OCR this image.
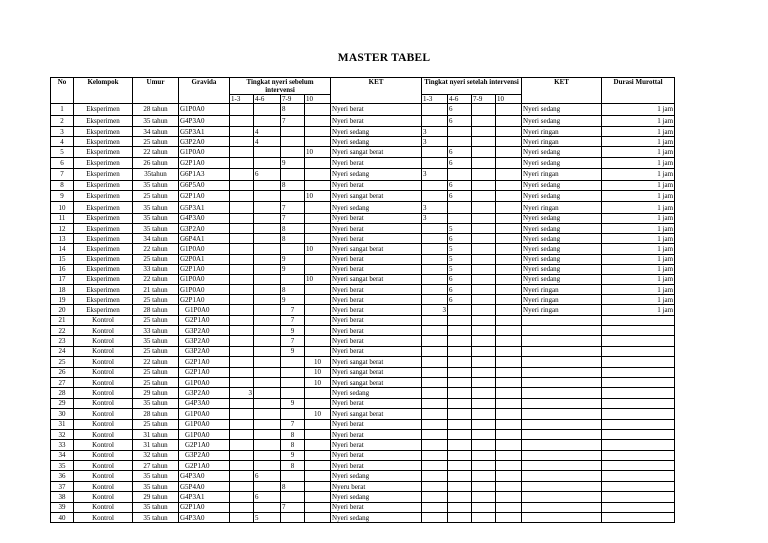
MASTER TABEL
No	Kelompok	Umur	Gravida	Tingkat nyeri sebelum intervensi				KET	Tingkat nyeri setelah intervensi				KET	Durasi Murottal
				1-3	4-6	7-9	10		1-3	4-6	7-9	10		
1	Eksperimen	28 tahun	G1P0A0			8		Nyeri berat		6			Nyeri sedang	1 jam
2	Eksperimen	35 tahun	G4P3A0			7		Nyeri berat		6			Nyeri sedang	1 jam
3	Eksperimen	34 tahun	G5P3A1		4			Nyeri sedang	3				Nyeri ringan	1 jam
4	Eksperimen	25 tahun	G3P2A0		4			Nyeri sedang	3				Nyeri ringan	1 jam
5	Eksperimen	22 tahun	G1P0A0				10	Nyeri sangat berat		6			Nyeri sedang	1 jam
6	Eksperimen	26 tahun	G2P1A0			9		Nyeri berat		6			Nyeri sedang	1 jam
7	Eksperimen	35tahun	G6P1A3		6			Nyeri sedang	3				Nyeri ringan	1 jam
8	Eksperimen	35 tahun	G6P5A0			8		Nyeri berat		6			Nyeri sedang	1 jam
9	Eksperimen	25 tahun	G2P1A0				10	Nyeri sangat berat		6			Nyeri sedang	1 jam
10	Eksperimen	35 tahun	G5P3A1			7		Nyeri sedang	3				Nyeri ringan	1 jam
11	Eksperimen	35 tahun	G4P3A0			7		Nyeri berat	3				Nyeri sedang	1 jam
12	Eksperimen	35 tahun	G3P2A0			8		Nyeri berat		5			Nyeri sedang	1 jam
13	Eksperimen	34 tahun	G6P4A1			8		Nyeri berat		6			Nyeri sedang	1 jam
14	Eksperimen	22 tahun	G1P0A0				10	Nyeri sangat berat		5			Nyeri sedang	1 jam
15	Eksperimen	25 tahun	G2P0A1			9		Nyeri berat		5			Nyeri sedang	1 jam
16	Eksperimen	33 tahun	G2P1A0			9		Nyeri berat		5			Nyeri sedang	1 jam
17	Eksperimen	22 tahun	G1P0A0				10	Nyeri sangat berat		6			Nyeri sedang	1 jam
18	Eksperimen	21 tahun	G1P0A0			8		Nyeri berat		6			Nyeri ringan	1 jam
19	Eksperimen	25 tahun	G2P1A0			9		Nyeri berat		6			Nyeri ringan	1 jam
20	Eksperimen	28 tahun	G1P0A0			7		Nyeri berat	3				Nyeri ringan	1 jam
21	Kontrol	25 tahun	G2P1A0			7		Nyeri berat						
22	Kontrol	33 tahun	G3P2A0			9		Nyeri berat						
23	Kontrol	35 tahun	G3P2A0			7		Nyeri berat						
24	Kontrol	25 tahun	G3P2A0			9		Nyeri berat						
25	Kontrol	22 tahun	G2P1A0				10	Nyeri sangat berat						
26	Kontrol	25 tahun	G2P1A0				10	Nyeri sangat berat						
27	Kontrol	25 tahun	G1P0A0				10	Nyeri sangat berat						
28	Kontrol	29 tahun	G3P2A0	3				Nyeri sedang						
29	Kontrol	35 tahun	G4P3A0			9		Nyeri berat						
30	Kontrol	28 tahun	G1P0A0				10	Nyeri sangat berat						
31	Kontrol	25 tahun	G1P0A0			7		Nyeri berat						
32	Kontrol	31 tahun	G1P0A0			8		Nyeri berat						
33	Kontrol	31 tahun	G2P1A0			8		Nyeri berat						
34	Kontrol	32 tahun	G3P2A0			9		Nyeri berat						
35	Kontrol	27 tahun	G2P1A0			8		Nyeri berat						
36	Kontrol	35 tahun	G4P3A0		6			Nyeri sedang						
37	Kontrol	35 tahun	G5P4A0			8		Nyeru berat						
38	Kontrol	29 tahun	G4P3A1		6			Nyeri sedang						
39	Kontrol	35 tahun	G2P1A0			7		Nyeri berat						
40	Kontrol	35 tahun	G4P3A0		5			Nyeri sedang						
